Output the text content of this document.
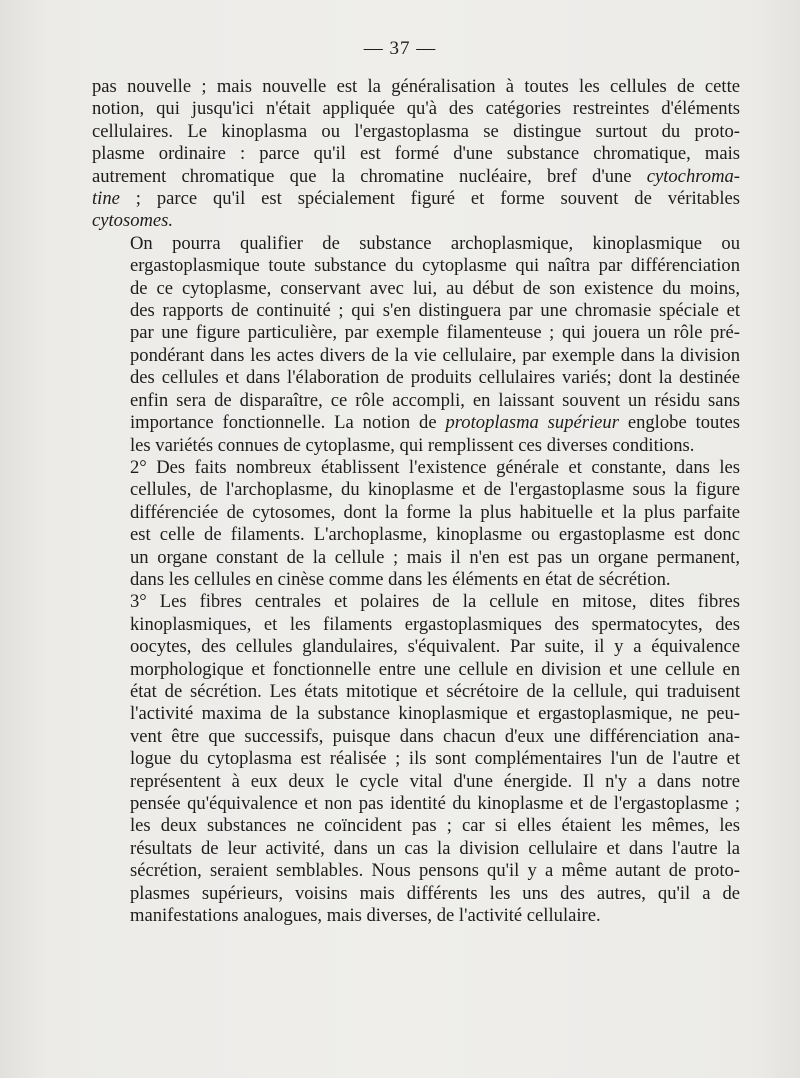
— 37 —
pas nouvelle ; mais nouvelle est la généralisation à toutes les cellules de cette
notion, qui jusqu'ici n'était appliquée qu'à des catégories restreintes d'éléments
cellulaires. Le kinoplasma ou l'ergastoplasma se distingue surtout du proto-
plasme ordinaire : parce qu'il est formé d'une substance chromatique, mais
autrement chromatique que la chromatine nucléaire, bref d'une cytochroma-
tine ; parce qu'il est spécialement figuré et forme souvent de véritables
cytosomes.
On pourra qualifier de substance archoplasmique, kinoplasmique ou
ergastoplasmique toute substance du cytoplasme qui naîtra par différenciation
de ce cytoplasme, conservant avec lui, au début de son existence du moins,
des rapports de continuité ; qui s'en distinguera par une chromasie spéciale et
par une figure particulière, par exemple filamenteuse ; qui jouera un rôle pré-
pondérant dans les actes divers de la vie cellulaire, par exemple dans la division
des cellules et dans l'élaboration de produits cellulaires variés; dont la destinée
enfin sera de disparaître, ce rôle accompli, en laissant souvent un résidu sans
importance fonctionnelle. La notion de protoplasma supérieur englobe toutes
les variétés connues de cytoplasme, qui remplissent ces diverses conditions.
2° Des faits nombreux établissent l'existence générale et constante, dans les
cellules, de l'archoplasme, du kinoplasme et de l'ergastoplasme sous la figure
différenciée de cytosomes, dont la forme la plus habituelle et la plus parfaite
est celle de filaments. L'archoplasme, kinoplasme ou ergastoplasme est donc
un organe constant de la cellule ; mais il n'en est pas un organe permanent,
dans les cellules en cinèse comme dans les éléments en état de sécrétion.
3° Les fibres centrales et polaires de la cellule en mitose, dites fibres
kinoplasmiques, et les filaments ergastoplasmiques des spermatocytes, des
oocytes, des cellules glandulaires, s'équivalent. Par suite, il y a équivalence
morphologique et fonctionnelle entre une cellule en division et une cellule en
état de sécrétion. Les états mitotique et sécrétoire de la cellule, qui traduisent
l'activité maxima de la substance kinoplasmique et ergastoplasmique, ne peu-
vent être que successifs, puisque dans chacun d'eux une différenciation ana-
logue du cytoplasma est réalisée ; ils sont complémentaires l'un de l'autre et
représentent à eux deux le cycle vital d'une énergide. Il n'y a dans notre
pensée qu'équivalence et non pas identité du kinoplasme et de l'ergastoplasme ;
les deux substances ne coïncident pas ; car si elles étaient les mêmes, les
résultats de leur activité, dans un cas la division cellulaire et dans l'autre la
sécrétion, seraient semblables. Nous pensons qu'il y a même autant de proto-
plasmes supérieurs, voisins mais différents les uns des autres, qu'il a de
manifestations analogues, mais diverses, de l'activité cellulaire.
